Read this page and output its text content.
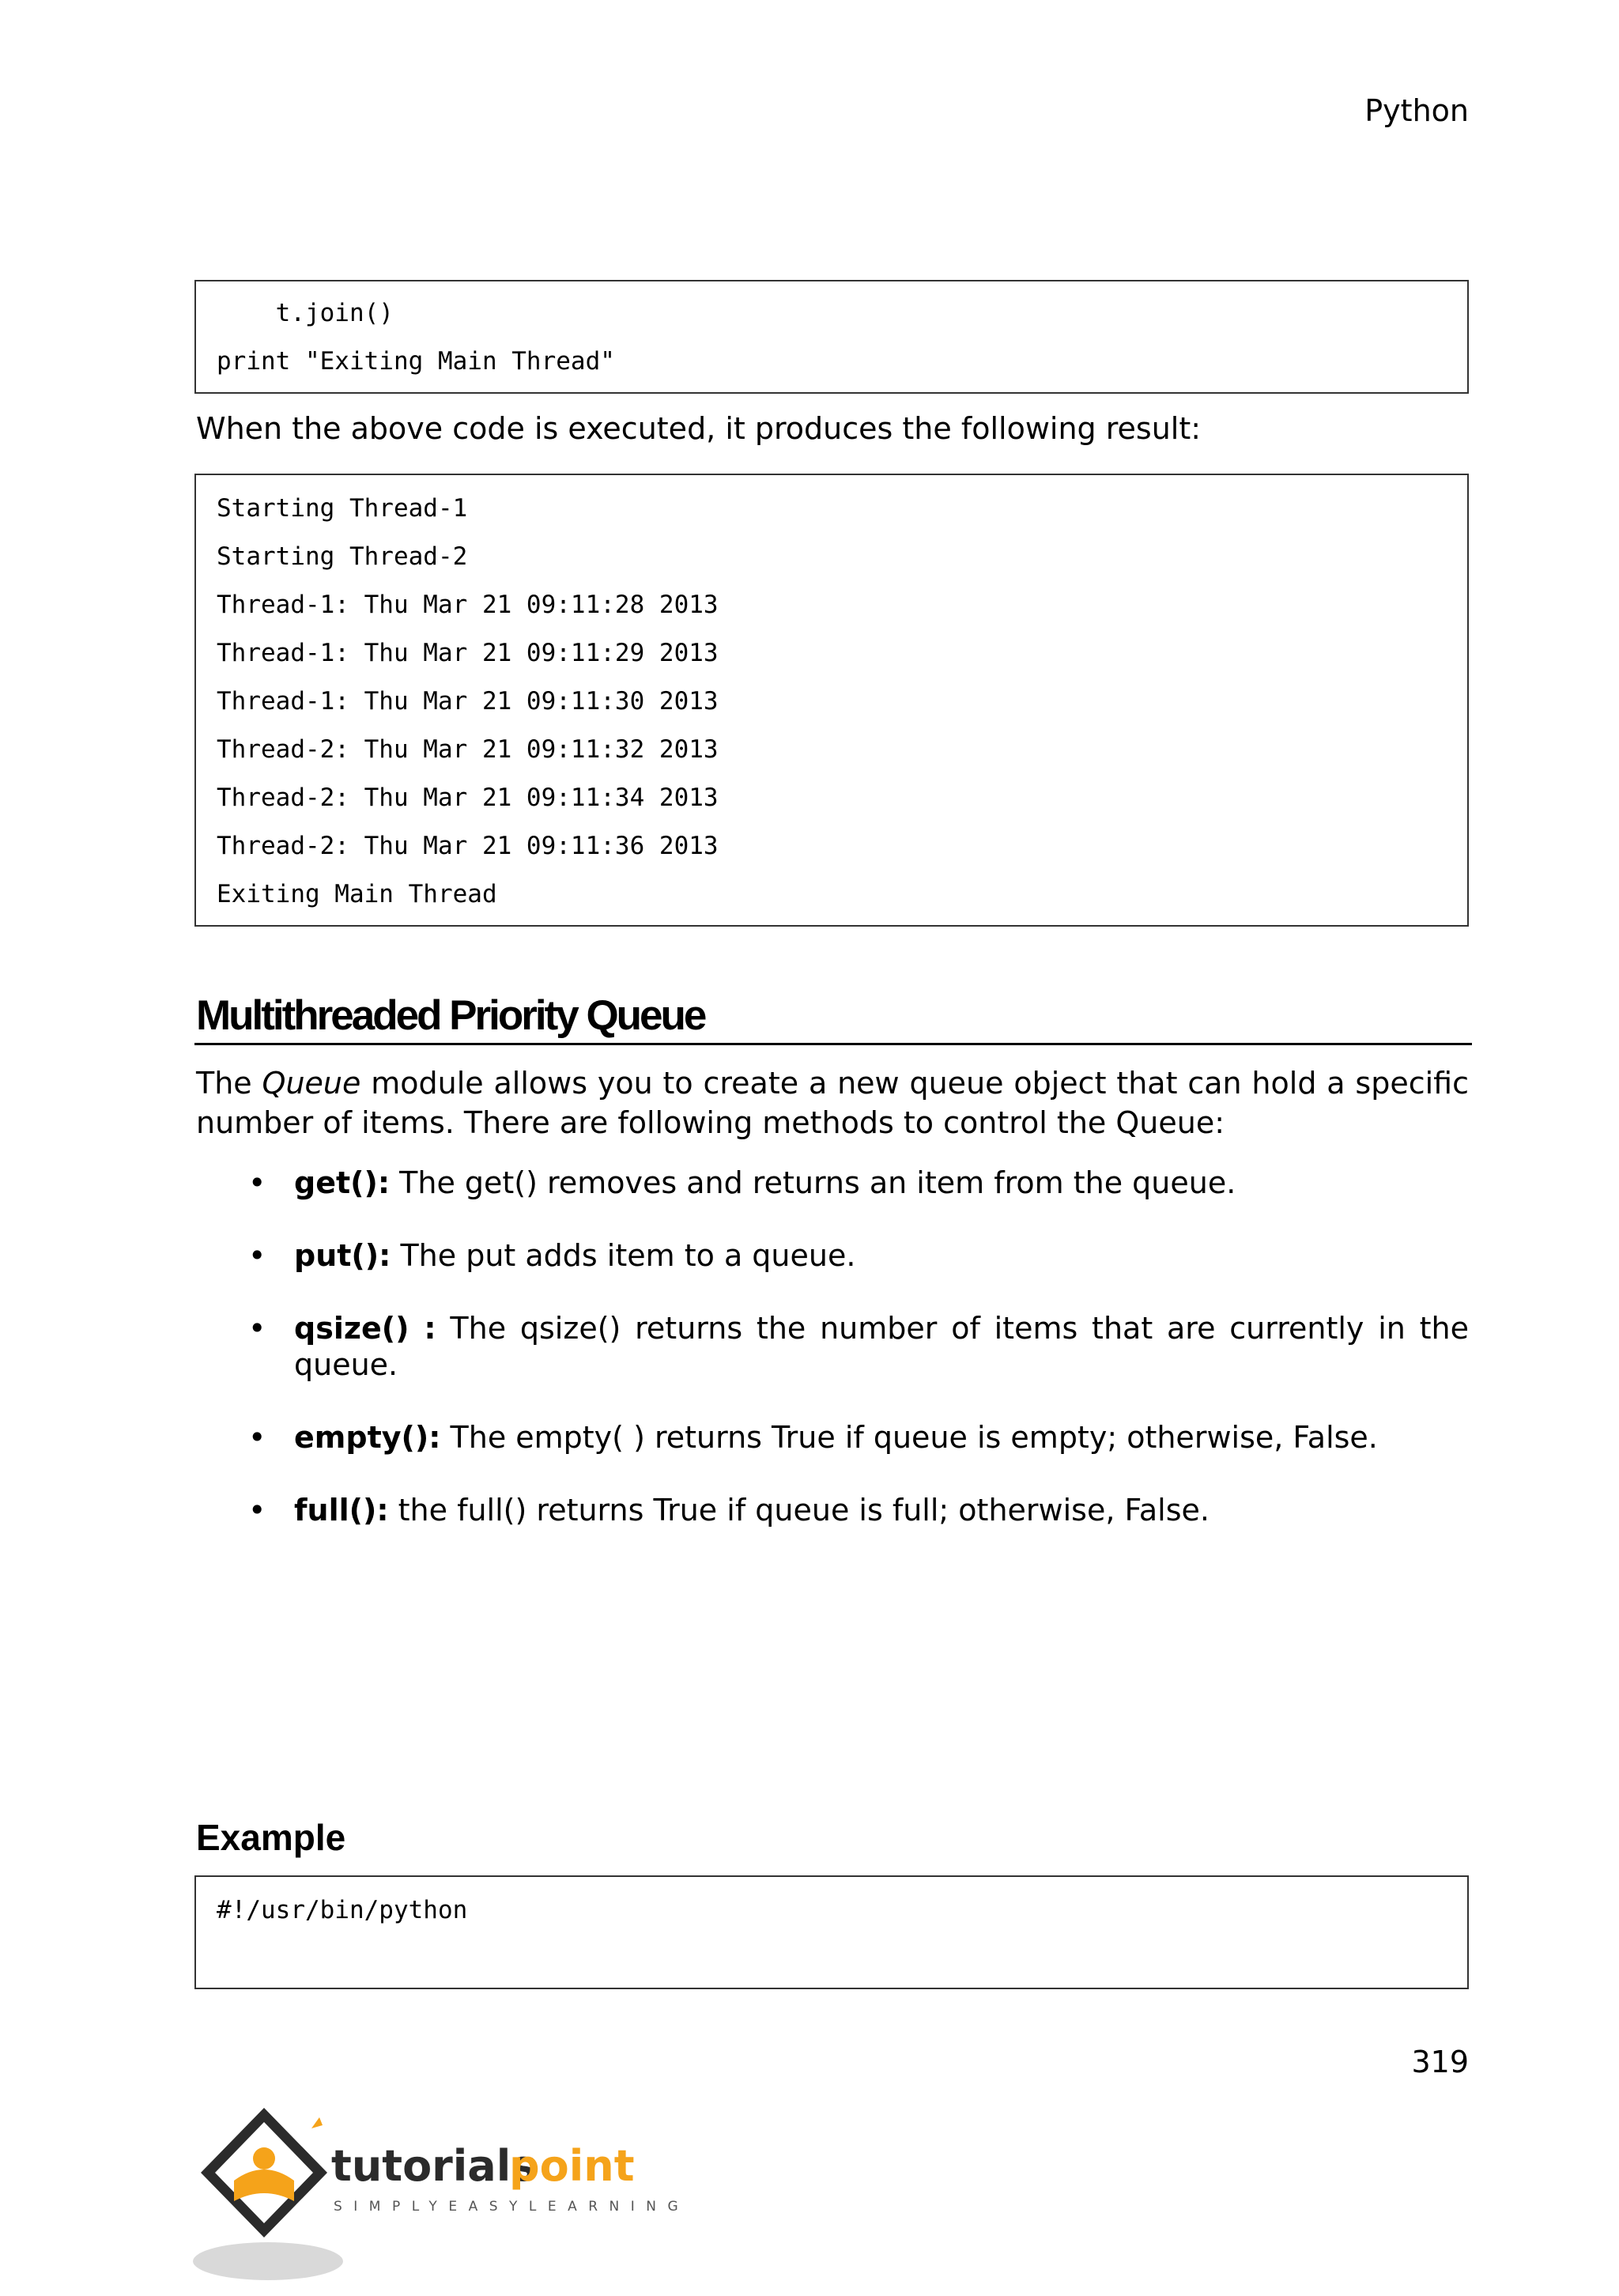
Python
t.join()
print "Exiting Main Thread"
When the above code is executed, it produces the following result:
Starting Thread-1
Starting Thread-2
Thread-1: Thu Mar 21 09:11:28 2013
Thread-1: Thu Mar 21 09:11:29 2013
Thread-1: Thu Mar 21 09:11:30 2013
Thread-2: Thu Mar 21 09:11:32 2013
Thread-2: Thu Mar 21 09:11:34 2013
Thread-2: Thu Mar 21 09:11:36 2013
Exiting Main Thread
Multithreaded Priority Queue
The Queue module allows you to create a new queue object that can hold a specific number of items. There are following methods to control the Queue:
• get(): The get() removes and returns an item from the queue.
• put(): The put adds item to a queue.
• qsize() : The qsize() returns the number of items that are currently in the queue.
• empty(): The empty( ) returns True if queue is empty; otherwise, False.
• full(): the full() returns True if queue is full; otherwise, False.
Example
#!/usr/bin/python
319
tutorials
point
SIMPLYEASYLEARNING
